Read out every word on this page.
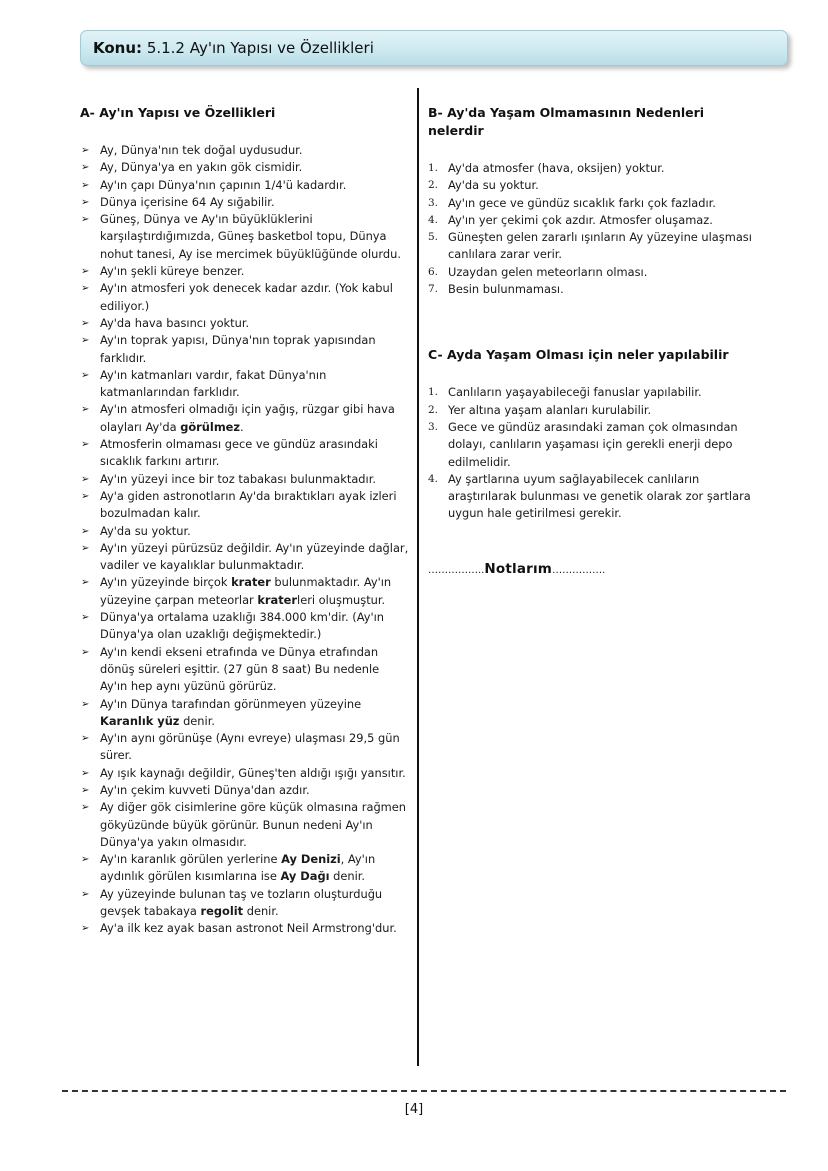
Konu: 5.1.2 Ay'ın Yapısı ve Özellikleri
A- Ay'ın Yapısı ve Özellikleri
➢ Ay, Dünya'nın tek doğal uydusudur.
➢ Ay, Dünya'ya en yakın gök cismidir.
➢ Ay'ın çapı Dünya'nın çapının 1/4'ü kadardır.
➢ Dünya içerisine 64 Ay sığabilir.
➢ Güneş, Dünya ve Ay'ın büyüklüklerini karşılaştırdığımızda, Güneş basketbol topu, Dünya nohut tanesi, Ay ise mercimek büyüklüğünde olurdu.
➢ Ay'ın şekli küreye benzer.
➢ Ay'ın atmosferi yok denecek kadar azdır. (Yok kabul ediliyor.)
➢ Ay'da hava basıncı yoktur.
➢ Ay'ın toprak yapısı, Dünya'nın toprak yapısından farklıdır.
➢ Ay'ın katmanları vardır, fakat Dünya'nın katmanlarından farklıdır.
➢ Ay'ın atmosferi olmadığı için yağış, rüzgar gibi hava olayları Ay'da görülmez.
➢ Atmosferin olmaması gece ve gündüz arasındaki sıcaklık farkını artırır.
➢ Ay'ın yüzeyi ince bir toz tabakası bulunmaktadır.
➢ Ay'a giden astronotların Ay'da bıraktıkları ayak izleri bozulmadan kalır.
➢ Ay'da su yoktur.
➢ Ay'ın yüzeyi pürüzsüz değildir. Ay'ın yüzeyinde dağlar, vadiler ve kayalıklar bulunmaktadır.
➢ Ay'ın yüzeyinde birçok krater bulunmaktadır. Ay'ın yüzeyine çarpan meteorlar kraterleri oluşmuştur.
➢ Dünya'ya ortalama uzaklığı 384.000 km'dir. (Ay'ın Dünya'ya olan uzaklığı değişmektedir.)
➢ Ay'ın kendi ekseni etrafında ve Dünya etrafından dönüş süreleri eşittir. (27 gün 8 saat) Bu nedenle Ay'ın hep aynı yüzünü görürüz.
➢ Ay'ın Dünya tarafından görünmeyen yüzeyine Karanlık yüz denir.
➢ Ay'ın aynı görünüşe (Aynı evreye) ulaşması 29,5 gün sürer.
➢ Ay ışık kaynağı değildir, Güneş'ten aldığı ışığı yansıtır.
➢ Ay'ın çekim kuvveti Dünya'dan azdır.
➢ Ay diğer gök cisimlerine göre küçük olmasına rağmen gökyüzünde büyük görünür. Bunun nedeni Ay'ın Dünya'ya yakın olmasıdır.
➢ Ay'ın karanlık görülen yerlerine Ay Denizi, Ay'ın aydınlık görülen kısımlarına ise Ay Dağı denir.
➢ Ay yüzeyinde bulunan taş ve tozların oluşturduğu gevşek tabakaya regolit denir.
➢ Ay'a ilk kez ayak basan astronot Neil Armstrong'dur.
B- Ay'da Yaşam Olmamasının Nedenleri nelerdir
1. Ay'da atmosfer (hava, oksijen) yoktur.
2. Ay'da su yoktur.
3. Ay'ın gece ve gündüz sıcaklık farkı çok fazladır.
4. Ay'ın yer çekimi çok azdır. Atmosfer oluşamaz.
5. Güneşten gelen zararlı ışınların Ay yüzeyine ulaşması canlılara zarar verir.
6. Uzaydan gelen meteorların olması.
7. Besin bulunmaması.
C- Ayda Yaşam Olması için neler yapılabilir
1. Canlıların yaşayabileceği fanuslar yapılabilir.
2. Yer altına yaşam alanları kurulabilir.
3. Gece ve gündüz arasındaki zaman çok olmasından dolayı, canlıların yaşaması için gerekli enerji depo edilmelidir.
4. Ay şartlarına uyum sağlayabilecek canlıların araştırılarak bulunması ve genetik olarak zor şartlara uygun hale getirilmesi gerekir.
……………..Notlarım…………….
[4]
